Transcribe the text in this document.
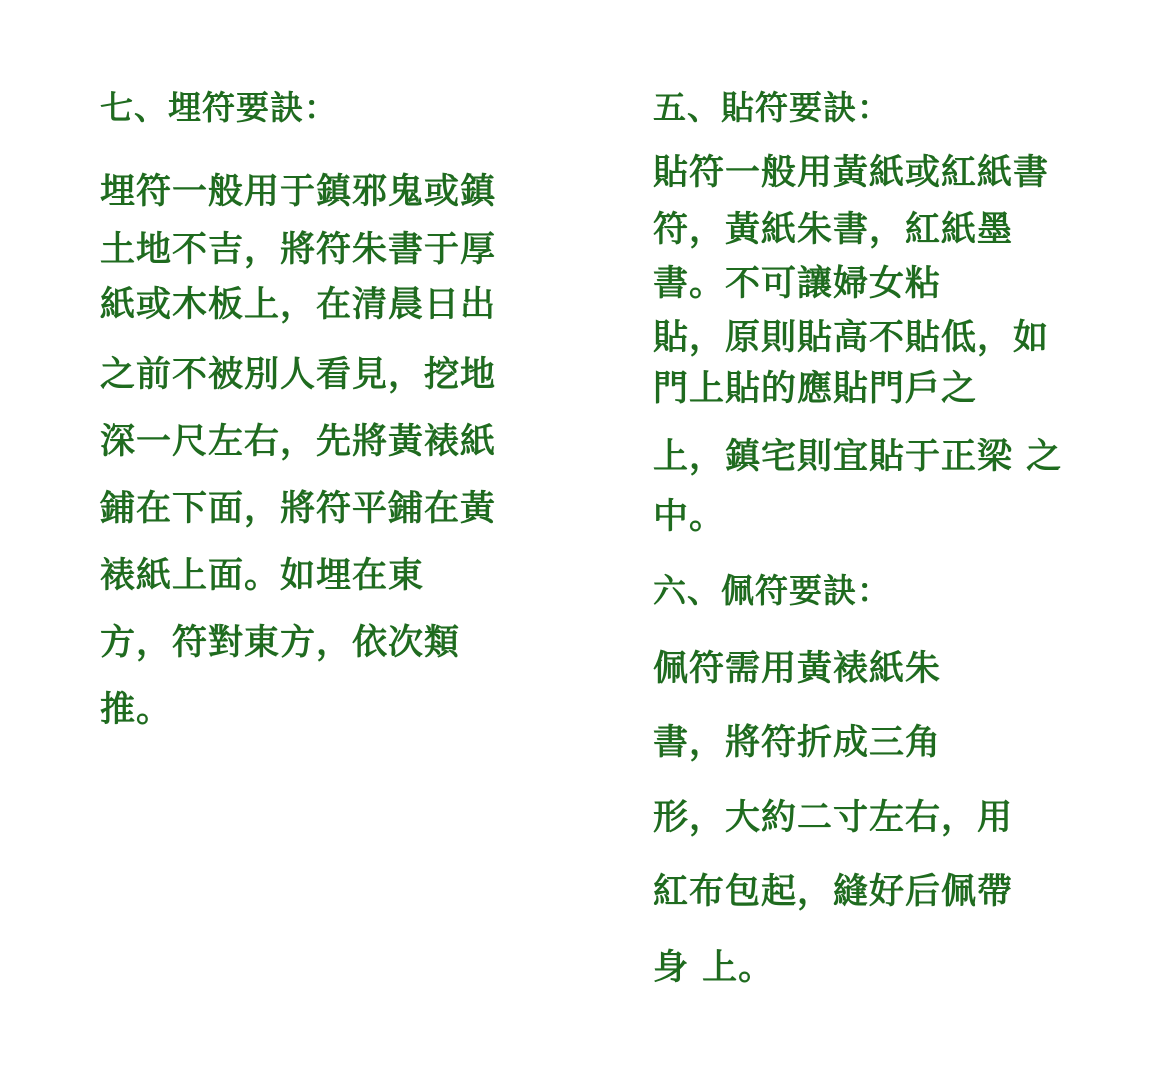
七、埋符要訣：
埋符一般用于鎮邪鬼或鎮
土地不吉，將符朱書于厚
紙或木板上，在清晨日出
之前不被別人看見，挖地
深一尺左右，先將黃裱紙
鋪在下面，將符平鋪在黃
裱紙上面。如埋在東
方，符對東方，依次類
推。
五、貼符要訣：
貼符一般用黃紙或紅紙書
符，黃紙朱書，紅紙墨
書。不可讓婦女粘
貼，原則貼高不貼低，如
門上貼的應貼門戶之
上，鎮宅則宜貼于正梁 之
中。
六、佩符要訣：
佩符需用黃裱紙朱
書，將符折成三角
形，大約二寸左右，用
紅布包起，縫好后佩帶
身 上。
